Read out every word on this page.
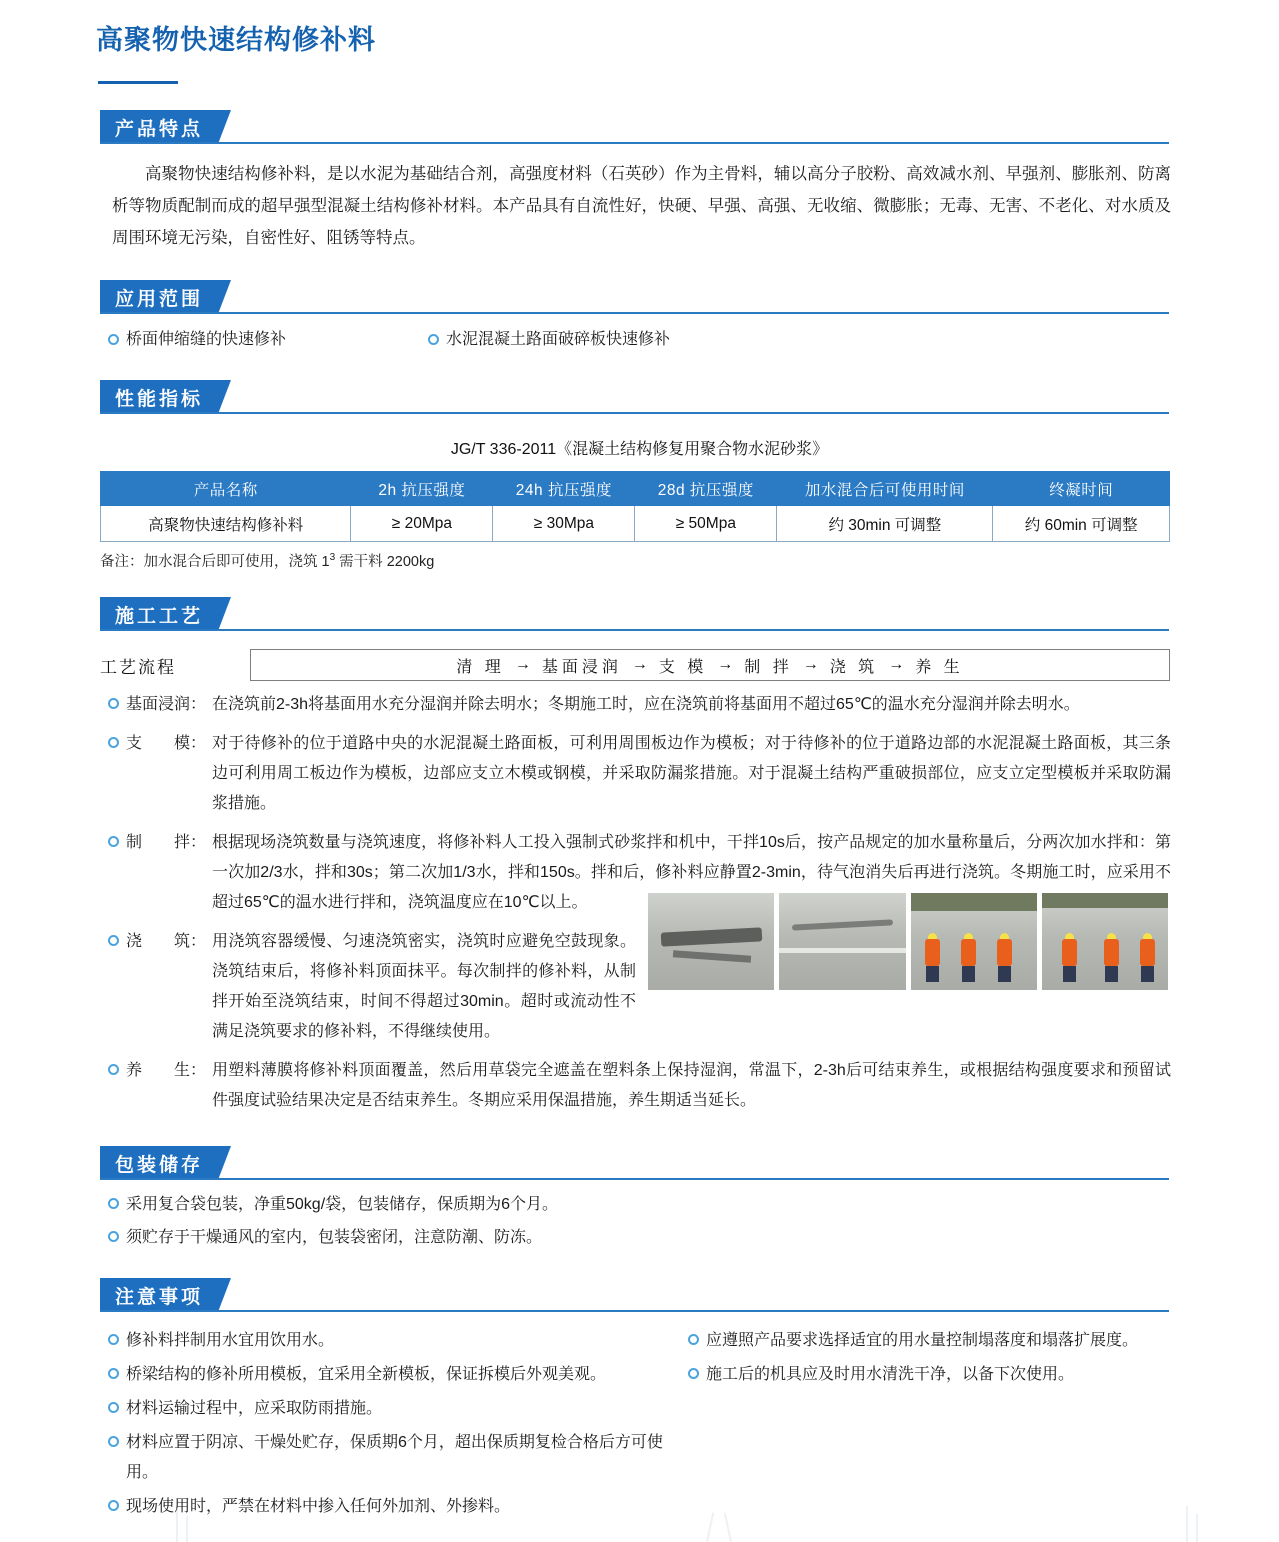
高聚物快速结构修补料
产品特点
高聚物快速结构修补料，是以水泥为基础结合剂，高强度材料（石英砂）作为主骨料，辅以高分子胶粉、高效减水剂、早强剂、膨胀剂、防离析等物质配制而成的超早强型混凝土结构修补材料。本产品具有自流性好，快硬、早强、高强、无收缩、微膨胀；无毒、无害、不老化、对水质及周围环境无污染，自密性好、阻锈等特点。
应用范围
桥面伸缩缝的快速修补	水泥混凝土路面破碎板快速修补
性能指标
JG/T 336-2011《混凝土结构修复用聚合物水泥砂浆》
产品名称	2h 抗压强度	24h 抗压强度	28d 抗压强度	加水混合后可使用时间	终凝时间
高聚物快速结构修补料	≥ 20Mpa	≥ 30Mpa	≥ 50Mpa	约 30min 可调整	约 60min 可调整
备注：加水混合后即可使用，浇筑 $1^3$ 需干料 2200kg
施工工艺
工艺流程	清 理 → 基面浸润 → 支 模 → 制 拌 → 浇 筑 → 养 生
基面浸润： 在浇筑前2-3h将基面用水充分湿润并除去明水；冬期施工时，应在浇筑前将基面用不超过65℃的温水充分湿润并除去明水。
支　　模： 对于待修补的位于道路中央的水泥混凝土路面板，可利用周围板边作为模板；对于待修补的位于道路边部的水泥混凝土路面板，其三条边可利用周工板边作为模板，边部应支立木模或钢模，并采取防漏浆措施。对于混凝土结构严重破损部位，应支立定型模板并采取防漏浆措施。
制　　拌： 根据现场浇筑数量与浇筑速度，将修补料人工投入强制式砂浆拌和机中，干拌10s后，按产品规定的加水量称量后，分两次加水拌和：第一次加2/3水，拌和30s；第二次加1/3水，拌和150s。拌和后，修补料应静置2-3min，待气泡消失后再进行浇筑。冬期施工时，应采用不超过65℃的温水进行拌和，浇筑温度应在10℃以上。
浇　　筑： 用浇筑容器缓慢、匀速浇筑密实，浇筑时应避免空鼓现象。浇筑结束后，将修补料顶面抹平。每次制拌的修补料，从制拌开始至浇筑结束，时间不得超过30min。超时或流动性不满足浇筑要求的修补料，不得继续使用。
养　　生： 用塑料薄膜将修补料顶面覆盖，然后用草袋完全遮盖在塑料条上保持湿润，常温下，2-3h后可结束养生，或根据结构强度要求和预留试件强度试验结果决定是否结束养生。冬期应采用保温措施，养生期适当延长。
包装储存
采用复合袋包装，净重50kg/袋，包装储存，保质期为6个月。
须贮存于干燥通风的室内，包装袋密闭，注意防潮、防冻。
注意事项
修补料拌制用水宜用饮用水。
桥梁结构的修补所用模板，宜采用全新模板，保证拆模后外观美观。
材料运输过程中，应采取防雨措施。
材料应置于阴凉、干燥处贮存，保质期6个月，超出保质期复检合格后方可使用。
现场使用时，严禁在材料中掺入任何外加剂、外掺料。
应遵照产品要求选择适宜的用水量控制塌落度和塌落扩展度。
施工后的机具应及时用水清洗干净，以备下次使用。
